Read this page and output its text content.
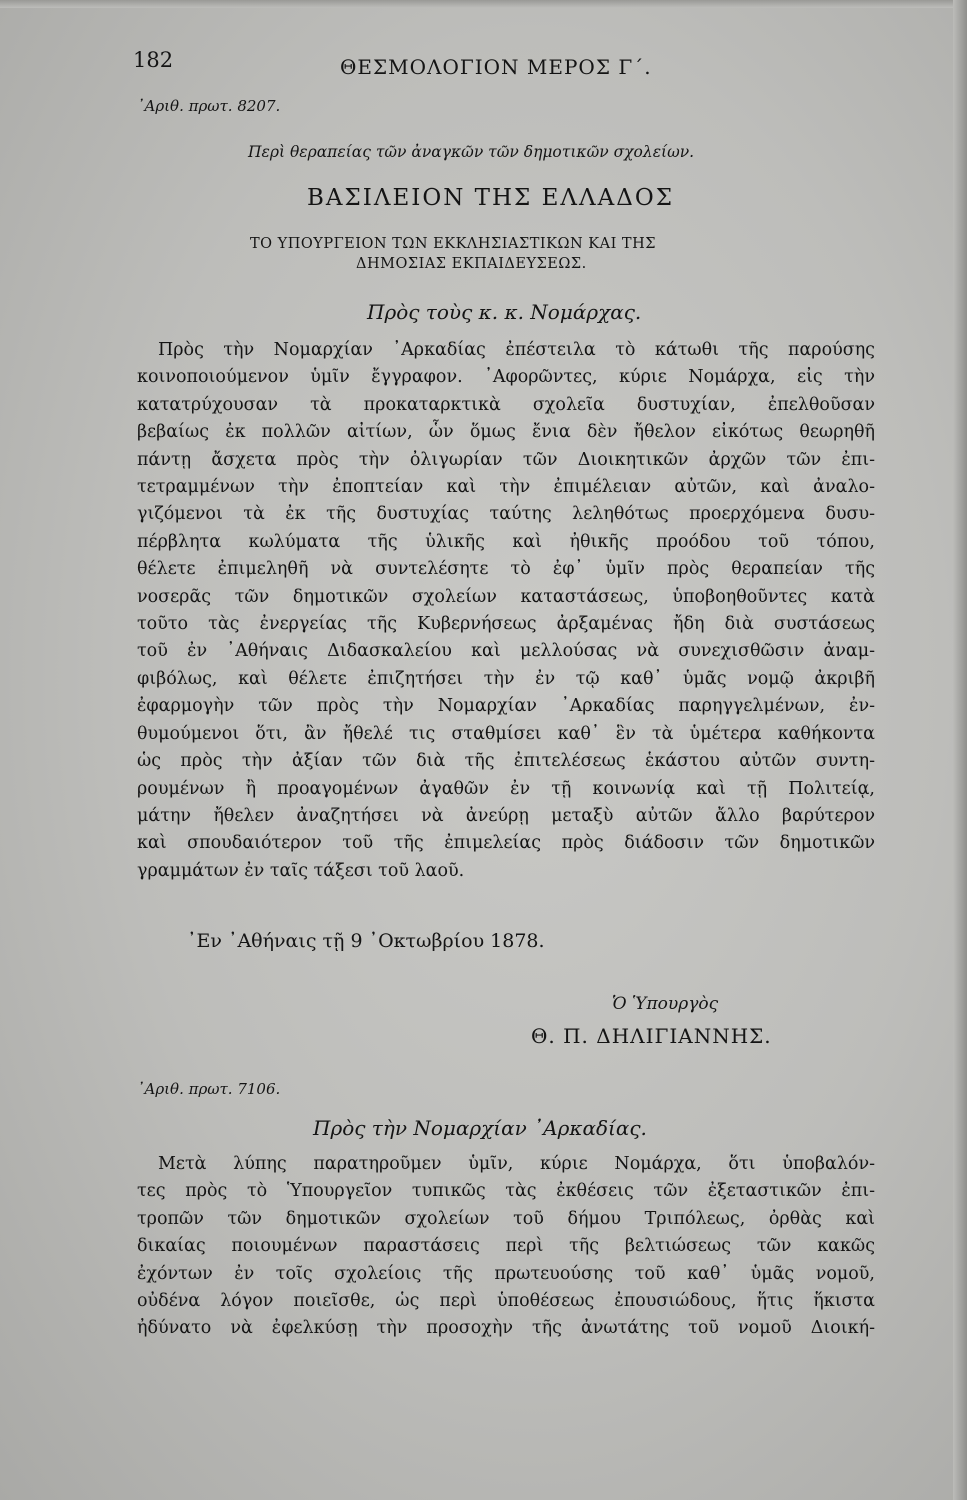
182	ΘΕΣΜΟΛΟΓΙΟΝ ΜΕΡΟΣ Γ΄.
᾿Αριθ. πρωτ. 8207.
Περὶ θεραπείας τῶν ἀναγκῶν τῶν δημοτικῶν σχολείων.
ΒΑΣΙΛΕΙΟΝ ΤΗΣ ΕΛΛΑΔΟΣ
ΤΟ ΥΠΟΥΡΓΕΙΟΝ ΤΩΝ ΕΚΚΛΗΣΙΑΣΤΙΚΩΝ ΚΑΙ ΤΗΣ
ΔΗΜΟΣΙΑΣ ΕΚΠΑΙΔΕΥΣΕΩΣ.
Πρὸς τοὺς κ. κ. Νομάρχας.
Πρὸς τὴν Νομαρχίαν ᾿Αρκαδίας ἐπέστειλα τὸ κάτωθι τῆς παρούσης
κοινοποιούμενον ὑμῖν ἔγγραφον. ᾿Αφορῶντες, κύριε Νομάρχα, εἰς τὴν
κατατρύχουσαν τὰ προκαταρκτικὰ σχολεῖα δυστυχίαν, ἐπελθοῦσαν
βεβαίως ἐκ πολλῶν αἰτίων, ὧν ὅμως ἔνια δὲν ἤθελον εἰκότως θεωρηθῆ
πάντῃ ἄσχετα πρὸς τὴν ὀλιγωρίαν τῶν Διοικητικῶν ἀρχῶν τῶν ἐπι-
τετραμμένων τὴν ἐποπτείαν καὶ τὴν ἐπιμέλειαν αὐτῶν, καὶ ἀναλο-
γιζόμενοι τὰ ἐκ τῆς δυστυχίας ταύτης λεληθότως προερχόμενα δυσυ-
πέρβλητα κωλύματα τῆς ὑλικῆς καὶ ἠθικῆς προόδου τοῦ τόπου,
θέλετε ἐπιμεληθῆ νὰ συντελέσητε τὸ ἐφ᾿ ὑμῖν πρὸς θεραπείαν τῆς
νοσερᾶς τῶν δημοτικῶν σχολείων καταστάσεως, ὑποβοηθοῦντες κατὰ
τοῦτο τὰς ἐνεργείας τῆς Κυβερνήσεως ἀρξαμένας ἤδη διὰ συστάσεως
τοῦ ἐν ᾿Αθήναις Διδασκαλείου καὶ μελλούσας νὰ συνεχισθῶσιν ἀναμ-
φιβόλως, καὶ θέλετε ἐπιζητήσει τὴν ἐν τῷ καθ᾿ ὑμᾶς νομῷ ἀκριβῆ
ἐφαρμογὴν τῶν πρὸς τὴν Νομαρχίαν ᾿Αρκαδίας παρηγγελμένων, ἐν-
θυμούμενοι ὅτι, ἂν ἤθελέ τις σταθμίσει καθ᾿ ἓν τὰ ὑμέτερα καθήκοντα
ὡς πρὸς τὴν ἀξίαν τῶν διὰ τῆς ἐπιτελέσεως ἑκάστου αὐτῶν συντη-
ρουμένων ἢ προαγομένων ἀγαθῶν ἐν τῇ κοινωνίᾳ καὶ τῇ Πολιτείᾳ,
μάτην ἤθελεν ἀναζητήσει νὰ ἀνεύρῃ μεταξὺ αὐτῶν ἄλλο βαρύτερον
καὶ σπουδαιότερον τοῦ τῆς ἐπιμελείας πρὸς διάδοσιν τῶν δημοτικῶν
γραμμάτων ἐν ταῖς τάξεσι τοῦ λαοῦ.
᾿Εν ᾿Αθήναις τῇ 9 ᾿Οκτωβρίου 1878.
Ὁ Ὑπουργὸς
Θ. Π. ΔΗΛΙΓΙΑΝΝΗΣ.
᾿Αριθ. πρωτ. 7106.
Πρὸς τὴν Νομαρχίαν ᾿Αρκαδίας.
Μετὰ λύπης παρατηροῦμεν ὑμῖν, κύριε Νομάρχα, ὅτι ὑποβαλόν-
τες πρὸς τὸ Ὑπουργεῖον τυπικῶς τὰς ἐκθέσεις τῶν ἐξεταστικῶν ἐπι-
τροπῶν τῶν δημοτικῶν σχολείων τοῦ δήμου Τριπόλεως, ὀρθὰς καὶ
δικαίας ποιουμένων παραστάσεις περὶ τῆς βελτιώσεως τῶν κακῶς
ἐχόντων ἐν τοῖς σχολείοις τῆς πρωτευούσης τοῦ καθ᾿ ὑμᾶς νομοῦ,
οὐδένα λόγον ποιεῖσθε, ὡς περὶ ὑποθέσεως ἐπουσιώδους, ἥτις ἥκιστα
ἠδύνατο νὰ ἐφελκύσῃ τὴν προσοχὴν τῆς ἀνωτάτης τοῦ νομοῦ Διοική-
